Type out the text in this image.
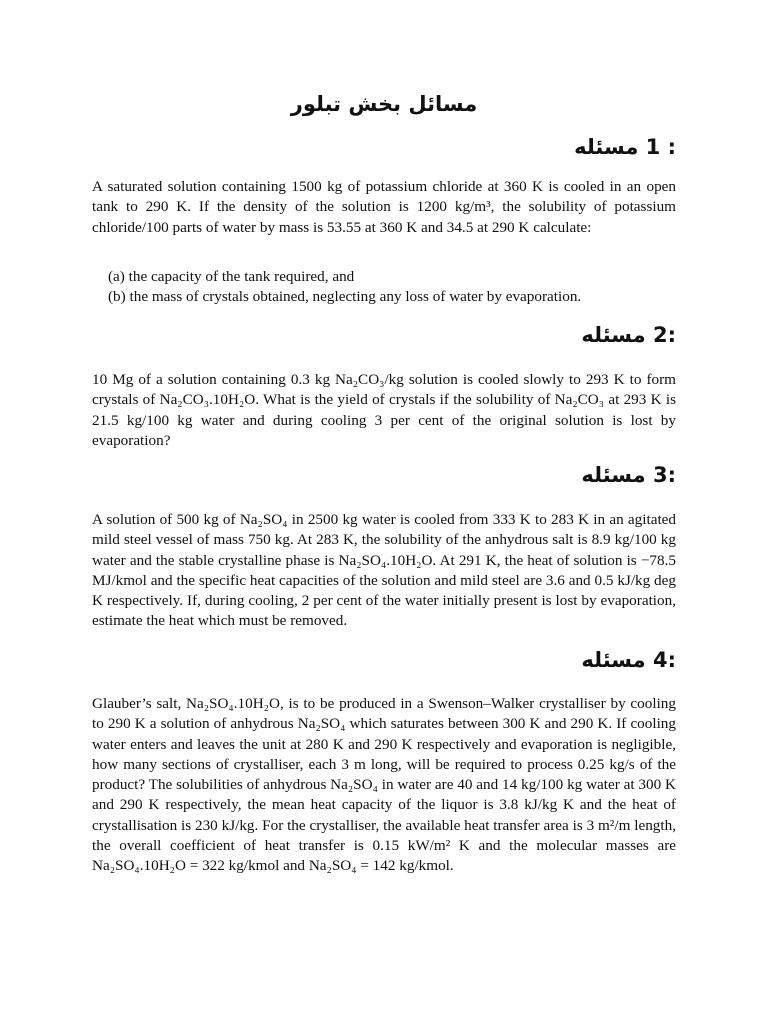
مسائل بخش تبلور
: 1 مسئله

A saturated solution containing 1500 kg of potassium chloride at 360 K is cooled in an open tank to 290 K. If the density of the solution is 1200 kg/m³, the solubility of potassium chloride/100 parts of water by mass is 53.55 at 360 K and 34.5 at 290 K calculate:

(a) the capacity of the tank required, and

(b) the mass of crystals obtained, neglecting any loss of water by evaporation.

:2 مسئله

10 Mg of a solution containing 0.3 kg Na₂CO₃/kg solution is cooled slowly to 293 K to form crystals of Na₂CO₃.10H₂O. What is the yield of crystals if the solubility of Na₂CO₃ at 293 K is 21.5 kg/100 kg water and during cooling 3 per cent of the original solution is lost by evaporation?

:3 مسئله

A solution of 500 kg of Na₂SO₄ in 2500 kg water is cooled from 333 K to 283 K in an agitated mild steel vessel of mass 750 kg. At 283 K, the solubility of the anhydrous salt is 8.9 kg/100 kg water and the stable crystalline phase is Na₂SO₄.10H₂O. At 291 K, the heat of solution is −78.5 MJ/kmol and the specific heat capacities of the solution and mild steel are 3.6 and 0.5 kJ/kg deg K respectively. If, during cooling, 2 per cent of the water initially present is lost by evaporation, estimate the heat which must be removed.

:4 مسئله

Glauber’s salt, Na₂SO₄.10H₂O, is to be produced in a Swenson–Walker crystalliser by cooling to 290 K a solution of anhydrous Na₂SO₄ which saturates between 300 K and 290 K. If cooling water enters and leaves the unit at 280 K and 290 K respectively and evaporation is negligible, how many sections of crystalliser, each 3 m long, will be required to process 0.25 kg/s of the product? The solubilities of anhydrous Na₂SO₄ in water are 40 and 14 kg/100 kg water at 300 K and 290 K respectively, the mean heat capacity of the liquor is 3.8 kJ/kg K and the heat of crystallisation is 230 kJ/kg. For the crystalliser, the available heat transfer area is 3 m²/m length, the overall coefficient of heat transfer is 0.15 kW/m² K and the molecular masses are Na₂SO₄.10H₂O = 322 kg/kmol and Na₂SO₄ = 142 kg/kmol.
